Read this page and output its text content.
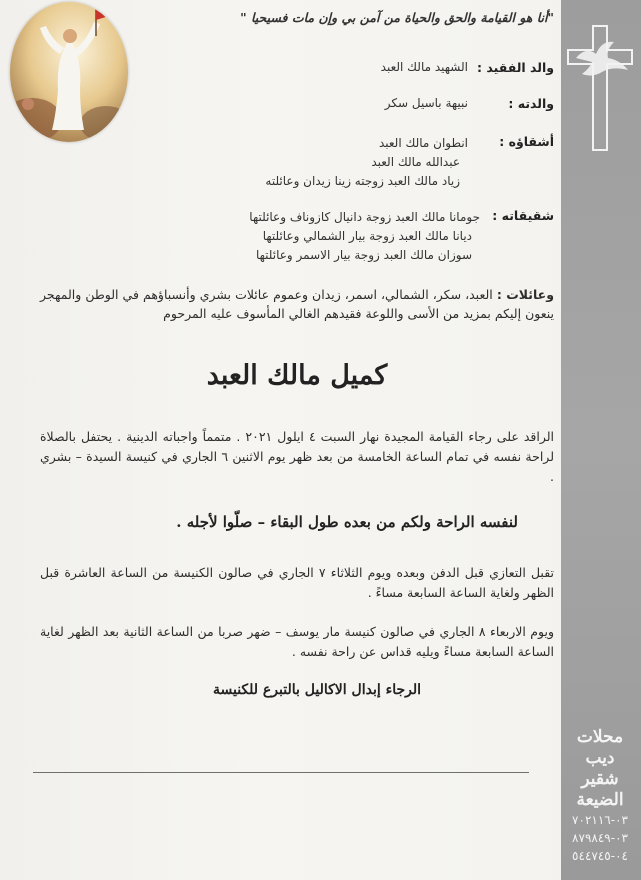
محلات
ديب
شقير
الضيعة
٠٣-٧٠٢١١٦
٠٣-٨٧٩٨٤٩
٠٤-٥٤٤٧٤٥
"أنا هو القيامة والحق والحياة من آمن بي وإن مات فسيحيا "
والد الفقيد :
الشهيد مالك العبد
والدته :
نبيهة باسيل سكر
أشقاؤه :
انطوان مالك العبد
عبدالله مالك العبد
زياد مالك العبد زوجته زينا زيدان وعائلته
شقيقاته :
جومانا مالك العبد زوجة دانيال كازوناف وعائلتها
ديانا مالك العبد زوجة بيار الشمالي وعائلتها
سوزان مالك العبد زوجة بيار الاسمر وعائلتها
وعائلات : العبد، سكر، الشمالي، اسمر، زيدان وعموم عائلات بشري وأنسباؤهم في الوطن والمهجر ينعون إليكم بمزيد من الأسى واللوعة فقيدهم الغالي المأسوف عليه المرحوم
كميل مالك العبد
الراقد على رجاء القيامة المجيدة نهار السبت ٤ ايلول ٢٠٢١ . متمماً واجباته الدينية . يحتفل بالصلاة لراحة نفسه في تمام الساعة الخامسة من بعد ظهر يوم الاثنين ٦ الجاري في كنيسة السيدة – بشري .
لنفسه الراحة ولكم من بعده طول البقاء – صلّوا لأجله .
تقبل التعازي قبل الدفن وبعده ويوم الثلاثاء ٧ الجاري في صالون الكنيسة من الساعة العاشرة قبل الظهر ولغاية الساعة السابعة مساءً .
ويوم الاربعاء ٨ الجاري في صالون كنيسة مار يوسف – ضهر صربا من الساعة الثانية بعد الظهر لغاية الساعة السابعة مساءً ويليه قداس عن راحة نفسه .
الرجاء إبدال الاكاليل بالتبرع للكنيسة
